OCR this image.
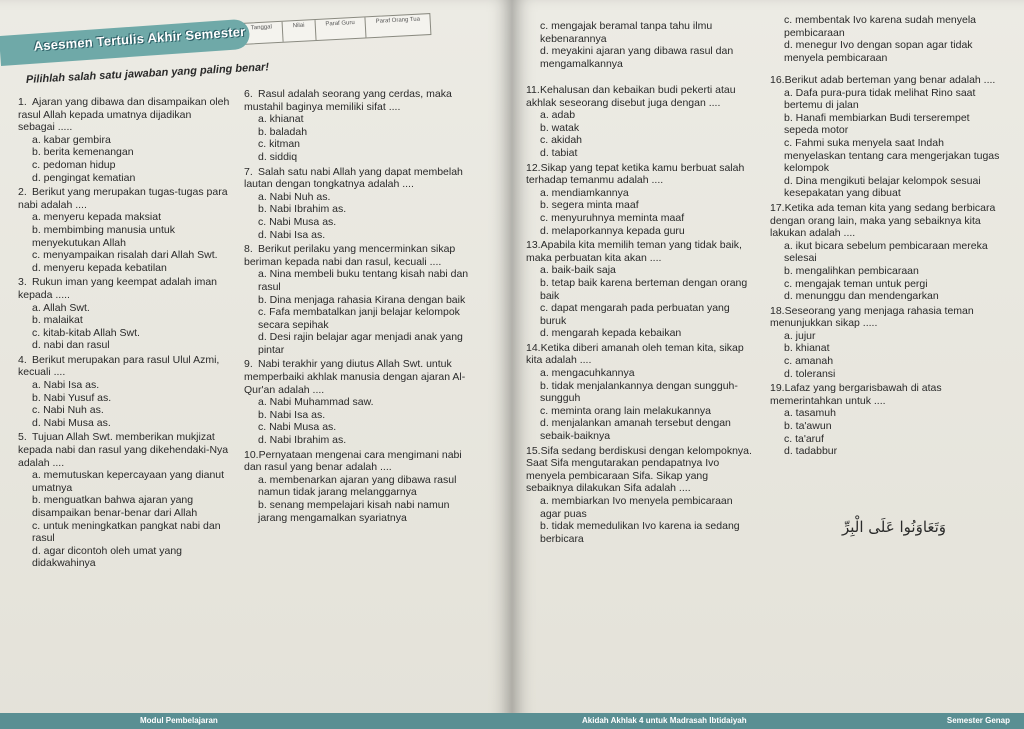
Tanggal	Nilai	Paraf Guru	Paraf Orang Tua
Asesmen Tertulis Akhir Semester
Pilihlah salah satu jawaban yang paling benar!
1.Ajaran yang dibawa dan disampaikan oleh rasul Allah kepada umatnya dijadikan sebagai .....
a. kabar gembira
b. berita kemenangan
c. pedoman hidup
d. pengingat kematian
2.Berikut yang merupakan tugas-tugas para nabi adalah ....
a. menyeru kepada maksiat
b. membimbing manusia untuk menyekutukan Allah
c. menyampaikan risalah dari Allah Swt.
d. menyeru kepada kebatilan
3.Rukun iman yang keempat adalah iman kepada .....
a. Allah Swt.
b. malaikat
c. kitab-kitab Allah Swt.
d. nabi dan rasul
4.Berikut merupakan para rasul Ulul Azmi, kecuali ....
a. Nabi Isa as.
b. Nabi Yusuf as.
c. Nabi Nuh as.
d. Nabi Musa as.
5.Tujuan Allah Swt. memberikan mukjizat kepada nabi dan rasul yang dikehendaki-Nya adalah ....
a. memutuskan kepercayaan yang dianut umatnya
b. menguatkan bahwa ajaran yang disampaikan benar-benar dari Allah
c. untuk meningkatkan pangkat nabi dan rasul
d. agar dicontoh oleh umat yang didakwahinya
6.Rasul adalah seorang yang cerdas, maka mustahil baginya memiliki sifat ....
a. khianat
b. baladah
c. kitman
d. siddiq
7.Salah satu nabi Allah yang dapat membelah lautan dengan tongkatnya adalah ....
a. Nabi Nuh as.
b. Nabi Ibrahim as.
c. Nabi Musa as.
d. Nabi Isa as.
8.Berikut perilaku yang mencerminkan sikap beriman kepada nabi dan rasul, kecuali ....
a. Nina membeli buku tentang kisah nabi dan rasul
b. Dina menjaga rahasia Kirana dengan baik
c. Fafa membatalkan janji belajar kelompok secara sepihak
d. Desi rajin belajar agar menjadi anak yang pintar
9.Nabi terakhir yang diutus Allah Swt. untuk memperbaiki akhlak manusia dengan ajaran Al-Qur'an adalah ....
a. Nabi Muhammad saw.
b. Nabi Isa as.
c. Nabi Musa as.
d. Nabi Ibrahim as.
10.Pernyataan mengenai cara mengimani nabi dan rasul yang benar adalah ....
a. membenarkan ajaran yang dibawa rasul namun tidak jarang melanggarnya
b. senang mempelajari kisah nabi namun jarang mengamalkan syariatnya
Modul Pembelajaran
c. mengajak beramal tanpa tahu ilmu kebenarannya
d. meyakini ajaran yang dibawa rasul dan mengamalkannya
11.Kehalusan dan kebaikan budi pekerti atau akhlak seseorang disebut juga dengan ....
a. adab
b. watak
c. akidah
d. tabiat
12.Sikap yang tepat ketika kamu berbuat salah terhadap temanmu adalah ....
a. mendiamkannya
b. segera minta maaf
c. menyuruhnya meminta maaf
d. melaporkannya kepada guru
13.Apabila kita memilih teman yang tidak baik, maka perbuatan kita akan ....
a. baik-baik saja
b. tetap baik karena berteman dengan orang baik
c. dapat mengarah pada perbuatan yang buruk
d. mengarah kepada kebaikan
14.Ketika diberi amanah oleh teman kita, sikap kita adalah ....
a. mengacuhkannya
b. tidak menjalankannya dengan sungguh-sungguh
c. meminta orang lain melakukannya
d. menjalankan amanah tersebut dengan sebaik-baiknya
15.Sifa sedang berdiskusi dengan kelompoknya. Saat Sifa mengutarakan pendapatnya Ivo menyela pembicaraan Sifa. Sikap yang sebaiknya dilakukan Sifa adalah ....
a. membiarkan Ivo menyela pembicaraan agar puas
b. tidak memedulikan Ivo karena ia sedang berbicara
c. membentak Ivo karena sudah menyela pembicaraan
d. menegur Ivo dengan sopan agar tidak menyela pembicaraan
16.Berikut adab berteman yang benar adalah ....
a. Dafa pura-pura tidak melihat Rino saat bertemu di jalan
b. Hanafi membiarkan Budi terserempet sepeda motor
c. Fahmi suka menyela saat Indah menyelaskan tentang cara mengerjakan tugas kelompok
d. Dina mengikuti belajar kelompok sesuai kesepakatan yang dibuat
17.Ketika ada teman kita yang sedang berbicara dengan orang lain, maka yang sebaiknya kita lakukan adalah ....
a. ikut bicara sebelum pembicaraan mereka selesai
b. mengalihkan pembicaraan
c. mengajak teman untuk pergi
d. menunggu dan mendengarkan
18.Seseorang yang menjaga rahasia teman menunjukkan sikap .....
a. jujur
b. khianat
c. amanah
d. toleransi
19.Lafaz yang bergarisbawah di atas memerintahkan untuk ....
a. tasamuh
b. ta'awun
c. ta'aruf
d. tadabbur
وَتَعَاوَنُوا عَلَى الْبِرِّ
Akidah Akhlak 4 untuk Madrasah Ibtidaiyah	Semester Genap
